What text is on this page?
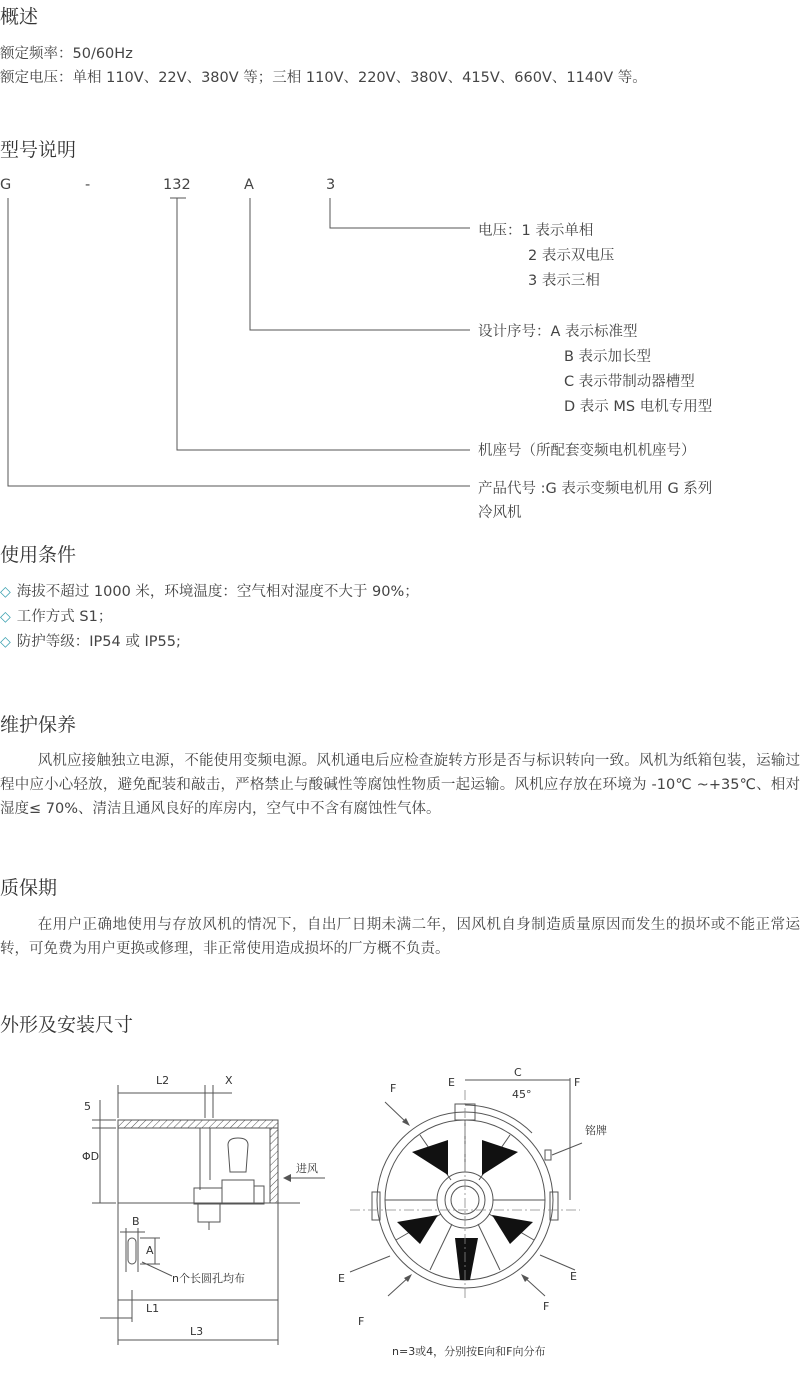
概述
额定频率：50/60Hz
额定电压：单相 110V、22V、380V 等；三相 110V、220V、380V、415V、660V、1140V 等。
型号说明
G	-	132	A	3
电压：1 表示单相
2 表示双电压
3 表示三相
设计序号：A 表示标准型
B 表示加长型
C 表示带制动器槽型
D 表示 MS 电机专用型
机座号（所配套变频电机机座号）
产品代号 :G 表示变频电机用 G 系列
冷风机
使用条件
◇ 海拔不超过 1000 米，环境温度：空气相对湿度不大于 90%；
◇ 工作方式 S1；
◇ 防护等级：IP54 或 IP55;
维护保养

风机应接触独立电源，不能使用变频电源。风机通电后应检查旋转方形是否与标识转向一致。风机为纸箱包装，运输过程中应小心轻放，避免配装和敲击，严格禁止与酸碱性等腐蚀性物质一起运输。风机应存放在环境为 -10℃ ~+35℃、相对湿度≤ 70%、清洁且通风良好的库房内，空气中不含有腐蚀性气体。

质保期

在用户正确地使用与存放风机的情况下，自出厂日期未满二年，因风机自身制造质量原因而发生的损坏或不能正常运转，可免费为用户更换或修理，非正常使用造成损坏的厂方概不负责。

外形及安装尺寸
L2	X
5
ΦD
进风
B
A
n个长圆孔均布
L1
L3
E
C
F
F	45°
铭牌
E	E
F
F
n=3或4，分别按E向和F向分布
